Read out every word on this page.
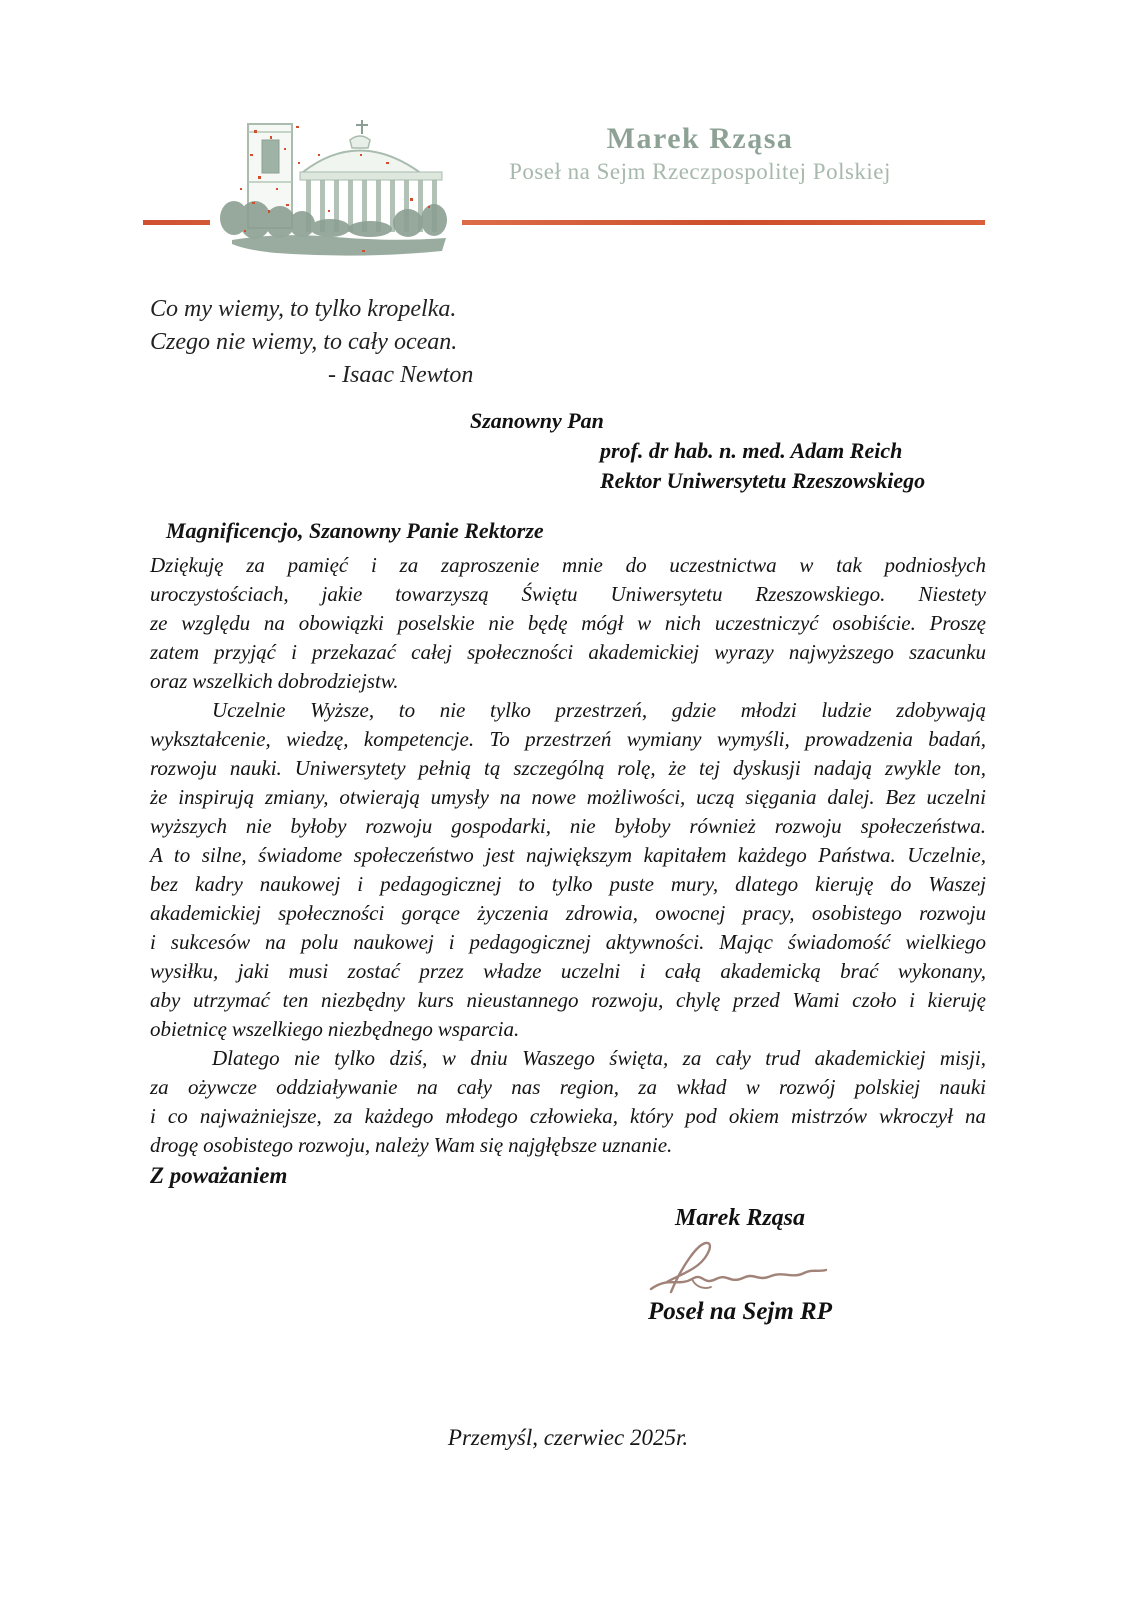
Marek Rząsa
Poseł na Sejm Rzeczpospolitej Polskiej
Co my wiemy, to tylko kropelka.
Czego nie wiemy, to cały ocean.
- Isaac Newton
Szanowny Pan
prof. dr hab. n. med. Adam Reich
Rektor Uniwersytetu Rzeszowskiego
Magnificencjo, Szanowny Panie Rektorze
Dziękuję za pamięć i za zaproszenie mnie do uczestnictwa w tak podniosłych
uroczystościach, jakie towarzyszą Świętu Uniwersytetu Rzeszowskiego. Niestety
ze względu na obowiązki poselskie nie będę mógł w nich uczestniczyć osobiście. Proszę
zatem przyjąć i przekazać całej społeczności akademickiej wyrazy najwyższego szacunku
oraz wszelkich dobrodziejstw.
Uczelnie Wyższe, to nie tylko przestrzeń, gdzie młodzi ludzie zdobywają
wykształcenie, wiedzę, kompetencje. To przestrzeń wymiany wymyśli, prowadzenia badań,
rozwoju nauki. Uniwersytety pełnią tą szczególną rolę, że tej dyskusji nadają zwykle ton,
że inspirują zmiany, otwierają umysły na nowe możliwości, uczą sięgania dalej. Bez uczelni
wyższych nie byłoby rozwoju gospodarki, nie byłoby również rozwoju społeczeństwa.
A to silne, świadome społeczeństwo jest największym kapitałem każdego Państwa. Uczelnie,
bez kadry naukowej i pedagogicznej to tylko puste mury, dlatego kieruję do Waszej
akademickiej społeczności gorące życzenia zdrowia, owocnej pracy, osobistego rozwoju
i sukcesów na polu naukowej i pedagogicznej aktywności. Mając świadomość wielkiego
wysiłku, jaki musi zostać przez władze uczelni i całą akademicką brać wykonany,
aby utrzymać ten niezbędny kurs nieustannego rozwoju, chylę przed Wami czoło i kieruję
obietnicę wszelkiego niezbędnego wsparcia.
Dlatego nie tylko dziś, w dniu Waszego święta, za cały trud akademickiej misji,
za ożywcze oddziaływanie na cały nas region, za wkład w rozwój polskiej nauki
i co najważniejsze, za każdego młodego człowieka, który pod okiem mistrzów wkroczył na
drogę osobistego rozwoju, należy Wam się najgłębsze uznanie.
Z poważaniem
Marek Rząsa
Poseł na Sejm RP
Przemyśl, czerwiec 2025r.
